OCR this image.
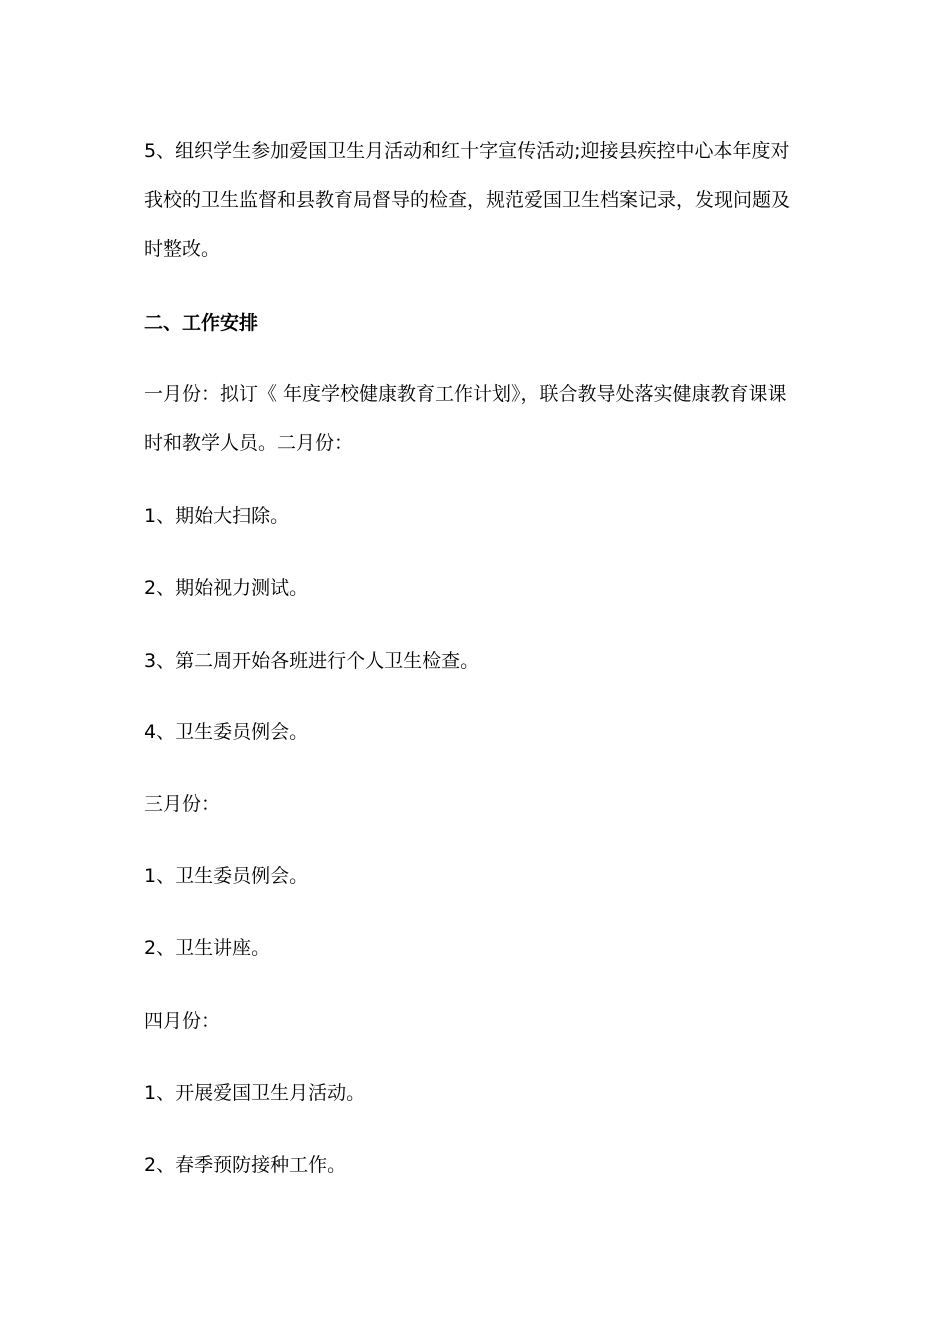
5、组织学生参加爱国卫生月活动和红十字宣传活动;迎接县疾控中心本年度对
我校的卫生监督和县教育局督导的检查，规范爱国卫生档案记录，发现问题及
时整改。
二、工作安排
一月份：拟订《 年度学校健康教育工作计划》，联合教导处落实健康教育课课
时和教学人员。二月份：
1、期始大扫除。
2、期始视力测试。
3、第二周开始各班进行个人卫生检查。
4、卫生委员例会。
三月份：
1、卫生委员例会。
2、卫生讲座。
四月份：
1、开展爱国卫生月活动。
2、春季预防接种工作。
